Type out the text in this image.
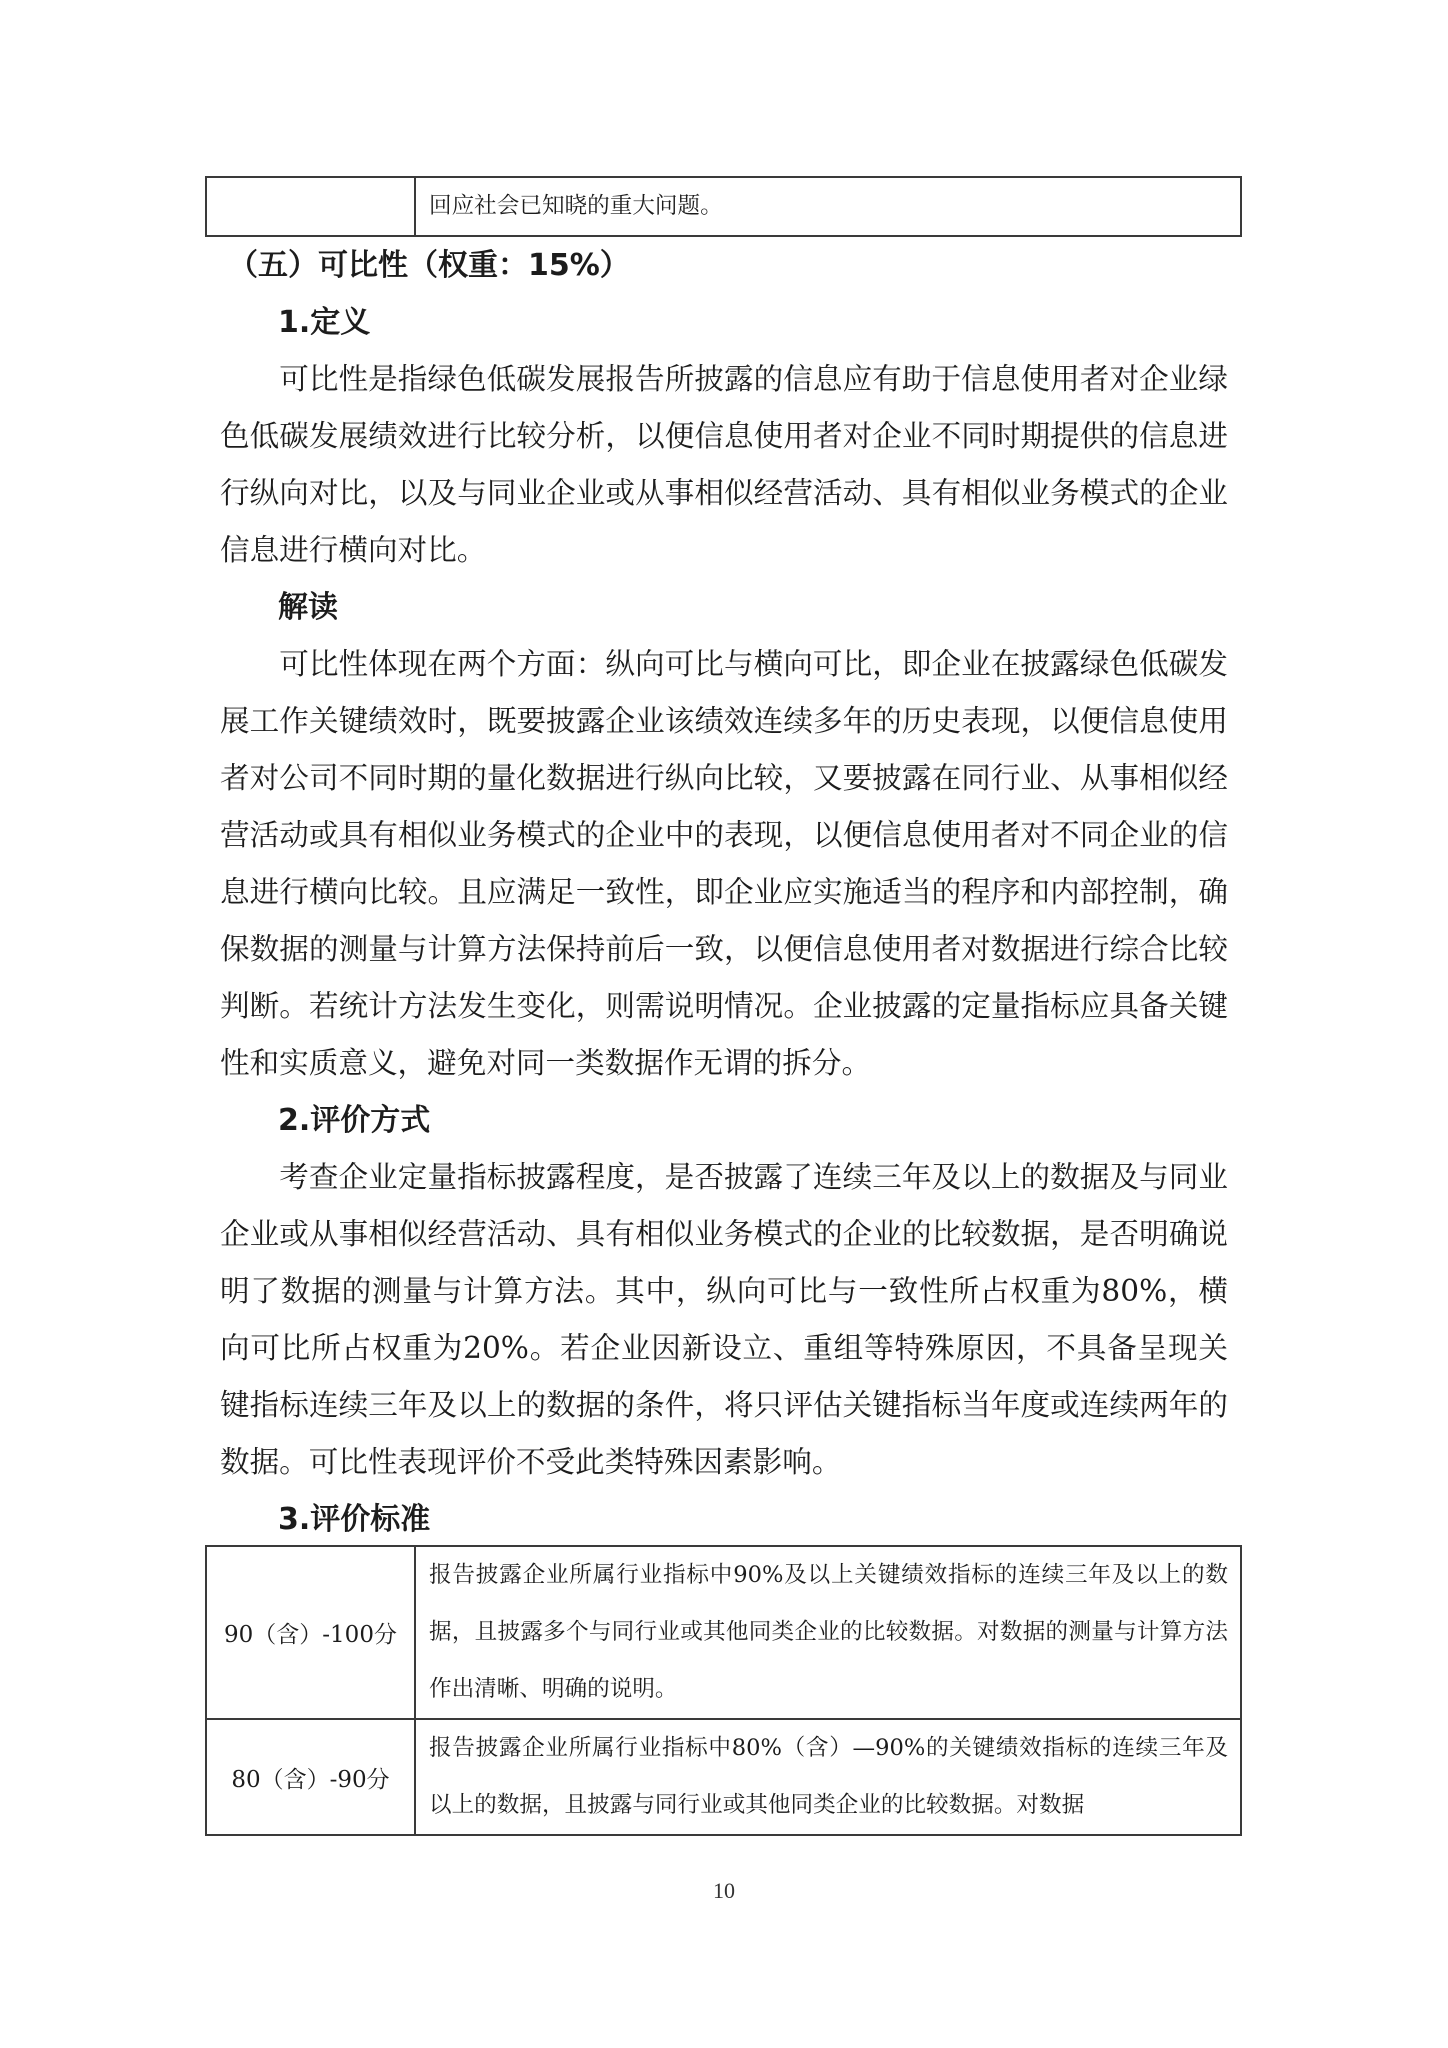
	回应社会已知晓的重大问题。
（五）可比性（权重：15%）
1.定义

可比性是指绿色低碳发展报告所披露的信息应有助于信息使用者对企业绿色低碳发展绩效进行比较分析，以便信息使用者对企业不同时期提供的信息进行纵向对比，以及与同业企业或从事相似经营活动、具有相似业务模式的企业信息进行横向对比。

解读

可比性体现在两个方面：纵向可比与横向可比，即企业在披露绿色低碳发展工作关键绩效时，既要披露企业该绩效连续多年的历史表现，以便信息使用者对公司不同时期的量化数据进行纵向比较，又要披露在同行业、从事相似经营活动或具有相似业务模式的企业中的表现，以便信息使用者对不同企业的信息进行横向比较。且应满足一致性，即企业应实施适当的程序和内部控制，确保数据的测量与计算方法保持前后一致，以便信息使用者对数据进行综合比较判断。若统计方法发生变化，则需说明情况。企业披露的定量指标应具备关键性和实质意义，避免对同一类数据作无谓的拆分。

2.评价方式

考查企业定量指标披露程度，是否披露了连续三年及以上的数据及与同业企业或从事相似经营活动、具有相似业务模式的企业的比较数据，是否明确说明了数据的测量与计算方法。其中，纵向可比与一致性所占权重为80%，横向可比所占权重为20%。若企业因新设立、重组等特殊原因，不具备呈现关键指标连续三年及以上的数据的条件，将只评估关键指标当年度或连续两年的数据。可比性表现评价不受此类特殊因素影响。

3.评价标准
90（含）-100分	报告披露企业所属行业指标中90%及以上关键绩效指标的连续三年及以上的数据，且披露多个与同行业或其他同类企业的比较数据。对数据的测量与计算方法作出清晰、明确的说明。
80（含）-90分	报告披露企业所属行业指标中80%（含）—90%的关键绩效指标的连续三年及以上的数据，且披露与同行业或其他同类企业的比较数据。对数据
10
